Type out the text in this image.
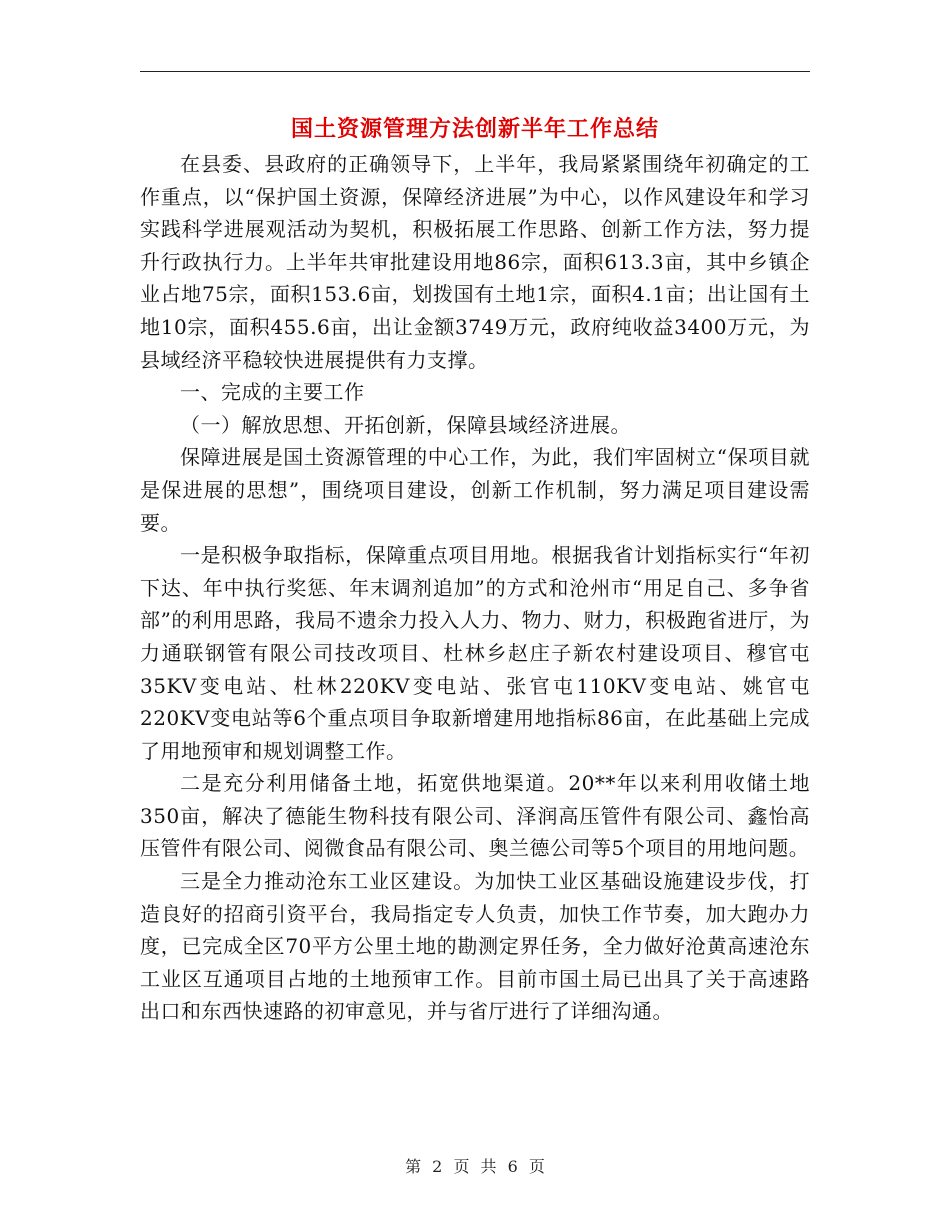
国土资源管理方法创新半年工作总结

在县委、县政府的正确领导下，上半年，我局紧紧围绕年初确定的工作重点，以“保护国土资源，保障经济进展”为中心，以作风建设年和学习实践科学进展观活动为契机，积极拓展工作思路、创新工作方法，努力提升行政执行力。上半年共审批建设用地86宗，面积613.3亩，其中乡镇企业占地75宗，面积153.6亩，划拨国有土地1宗，面积4.1亩；出让国有土地10宗，面积455.6亩，出让金额3749万元，政府纯收益3400万元，为县域经济平稳较快进展提供有力支撑。

一、完成的主要工作

（一）解放思想、开拓创新，保障县域经济进展。

保障进展是国土资源管理的中心工作，为此，我们牢固树立“保项目就是保进展的思想”，围绕项目建设，创新工作机制，努力满足项目建设需要。

一是积极争取指标，保障重点项目用地。根据我省计划指标实行“年初下达、年中执行奖惩、年末调剂追加”的方式和沧州市“用足自己、多争省部”的利用思路，我局不遗余力投入人力、物力、财力，积极跑省进厅，为力通联钢管有限公司技改项目、杜林乡赵庄子新农村建设项目、穆官屯35KV变电站、杜林220KV变电站、张官屯110KV变电站、姚官屯220KV变电站等6个重点项目争取新增建用地指标86亩，在此基础上完成了用地预审和规划调整工作。

二是充分利用储备土地，拓宽供地渠道。20**年以来利用收储土地350亩，解决了德能生物科技有限公司、泽润高压管件有限公司、鑫怡高压管件有限公司、阅微食品有限公司、奥兰德公司等5个项目的用地问题。

三是全力推动沧东工业区建设。为加快工业区基础设施建设步伐，打造良好的招商引资平台，我局指定专人负责，加快工作节奏，加大跑办力度，已完成全区70平方公里土地的勘测定界任务，全力做好沧黄高速沧东工业区互通项目占地的土地预审工作。目前市国土局已出具了关于高速路出口和东西快速路的初审意见，并与省厅进行了详细沟通。

第 2 页 共 6 页
